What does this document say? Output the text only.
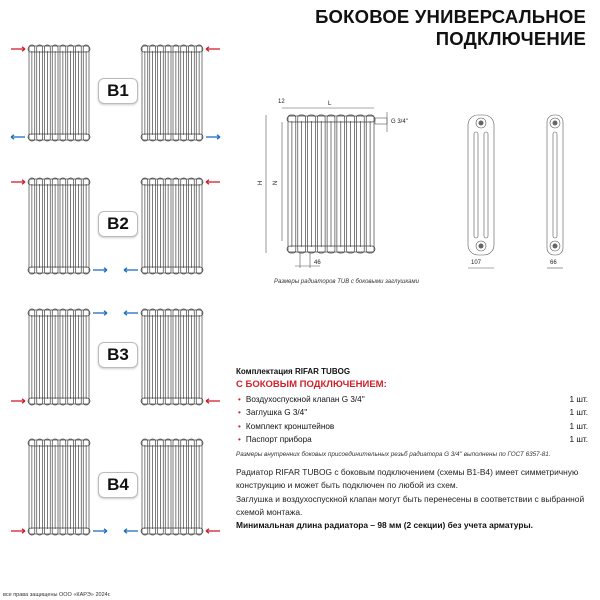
БОКОВОЕ УНИВЕРСАЛЬНОЕ
ПОДКЛЮЧЕНИЕ
B1
B2
B3
B4
12	L
G 3/4''
H N
46	107	66
Размеры радиаторов TUB с боковыми заглушками
Комплектация RIFAR TUBOG
С БОКОВЫМ ПОДКЛЮЧЕНИЕМ:
• Воздухоспускной клапан G 3/4''	1 шт.
• Заглушка G 3/4''	1 шт.
• Комплект кронштейнов	1 шт.
• Паспорт прибора	1 шт.
Размеры внутренних боковых присоединительных резьб радиатора G 3/4'' выполнены по ГОСТ 6357-81.

Радиатор RIFAR TUBOG с боковым подключением (схемы B1-B4) имеет симметричную конструкцию и может быть подключен по любой из схем.

Заглушка и воздухоспускной клапан могут быть перенесены в соответствии с выбранной схемой монтажа.

Минимальная длина радиатора – 98 мм (2 секции) без учета арматуры.

все права защищены ООО «КАРЭ» 2024г.
